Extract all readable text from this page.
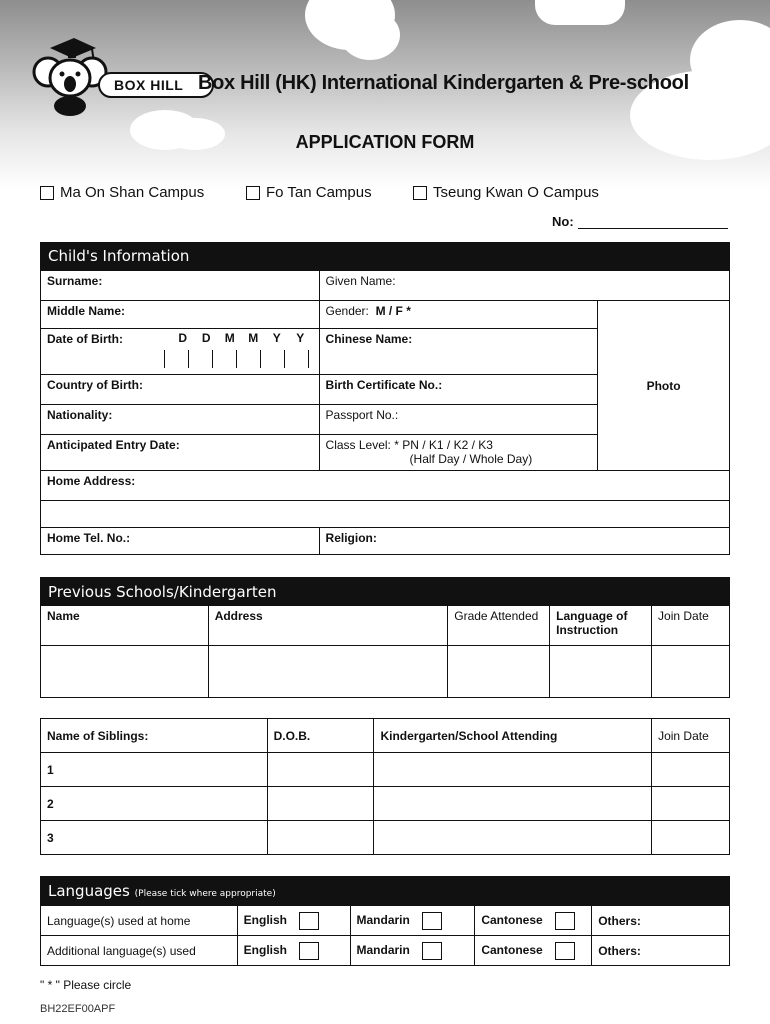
BOX HILL Box Hill (HK) International Kindergarten & Pre-school
APPLICATION FORM
Ma On Shan Campus	Fo Tan Campus	Tseung Kwan O Campus
No:
Child's Information
Surname:	Given Name:	
Middle Name:	Gender: M / F *	Photo

Date of Birth: D D M M Y Y	Chinese Name:	
Country of Birth:	Birth Certificate No.:	
Nationality:	Passport No.:	
Anticipated Entry Date:	Class Level: * PN / K1 / K2 / K3
(Half Day / Whole Day)	

Home Address:		

Home Tel. No.:	Religion:	
Previous Schools/Kindergarten
Name	Address	Grade Attended	Language of Instruction	Join Date

Name of Siblings:	D.O.B.	Kindergarten/School Attending	Join Date
1			
2			
3			
Languages (Please tick where appropriate)
Language(s) used at home	English	Mandarin	Cantonese	Others:
Additional language(s) used	English	Mandarin	Cantonese	Others:
" * " Please circle
BH22EF00APF
